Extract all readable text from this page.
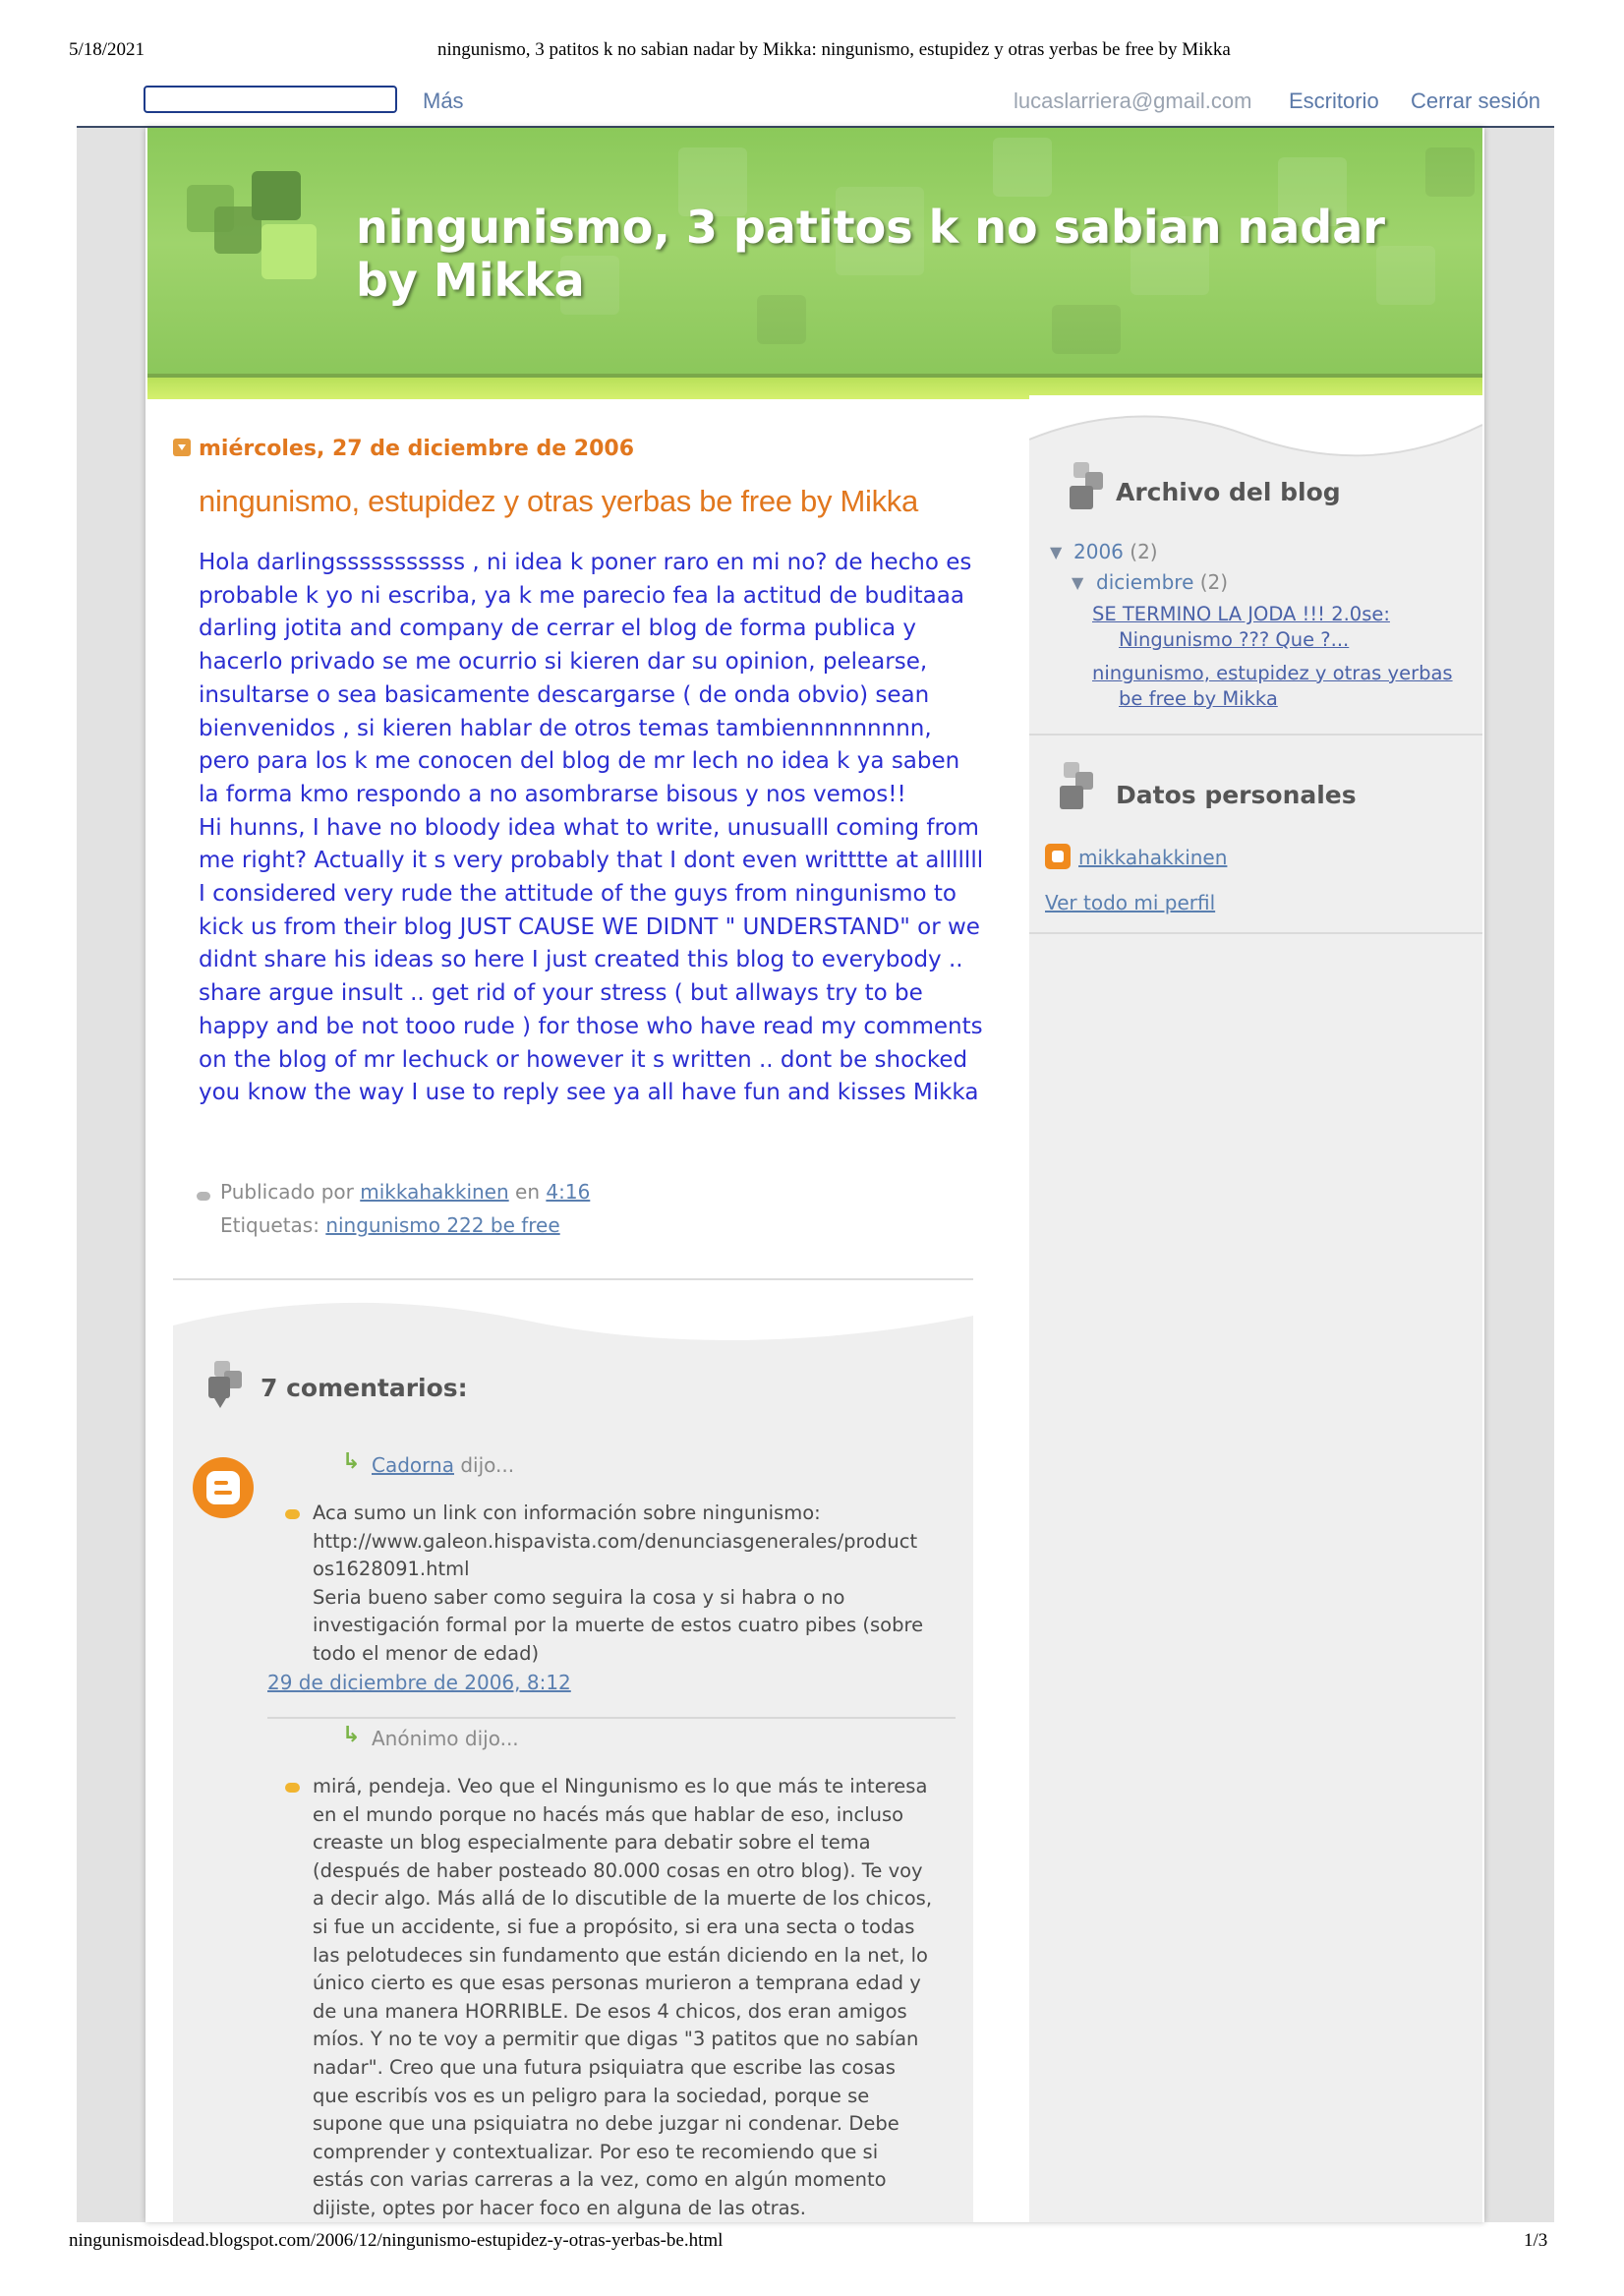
5/18/2021	ningunismo, 3 patitos k no sabian nadar by Mikka: ningunismo, estupidez y otras yerbas be free by Mikka
Más	lucaslarriera@gmail.com Escritorio Cerrar sesión
ningunismo, 3 patitos k no sabian nadar by Mikka
miércoles, 27 de diciembre de 2006
ningunismo, estupidez y otras yerbas be free by Mikka

Hola darlingsssssssssss , ni idea k poner raro en mi no? de hecho es probable k yo ni escriba, ya k me parecio fea la actitud de buditaaa darling jotita and company de cerrar el blog de forma publica y hacerlo privado se me ocurrio si kieren dar su opinion, pelearse, insultarse o sea basicamente descargarse ( de onda obvio) sean bienvenidos , si kieren hablar de otros temas tambiennnnnnnnn, pero para los k me conocen del blog de mr lech no idea k ya saben la forma kmo respondo a no asombrarse bisous y nos vemos!!

Hi hunns, I have no bloody idea what to write, unusualll coming from me right? Actually it s very probably that I dont even writttte at alllllll I considered very rude the attitude of the guys from ningunismo to kick us from their blog JUST CAUSE WE DIDNT " UNDERSTAND" or we didnt share his ideas so here I just created this blog to everybody .. share argue insult .. get rid of your stress ( but allways try to be happy and be not tooo rude ) for those who have read my comments on the blog of mr lechuck or however it s written .. dont be shocked you know the way I use to reply see ya all have fun and kisses Mikka

Publicado por mikkahakkinen en 4:16
Etiquetas: ningunismo 222 be free
7 comentarios:
↳ Cadorna dijo...

Aca sumo un link con información sobre ningunismo:

http://www.galeon.hispavista.com/denunciasgenerales/product

os1628091.html

Seria bueno saber como seguira la cosa y si habra o no

investigación formal por la muerte de estos cuatro pibes (sobre

todo el menor de edad)

29 de diciembre de 2006, 8:12
↳ Anónimo dijo...

mirá, pendeja. Veo que el Ningunismo es lo que más te interesa

en el mundo porque no hacés más que hablar de eso, incluso

creaste un blog especialmente para debatir sobre el tema

(después de haber posteado 80.000 cosas en otro blog). Te voy

a decir algo. Más allá de lo discutible de la muerte de los chicos,

si fue un accidente, si fue a propósito, si era una secta o todas

las pelotudeces sin fundamento que están diciendo en la net, lo

único cierto es que esas personas murieron a temprana edad y

de una manera HORRIBLE. De esos 4 chicos, dos eran amigos

míos. Y no te voy a permitir que digas "3 patitos que no sabían

nadar". Creo que una futura psiquiatra que escribe las cosas

que escribís vos es un peligro para la sociedad, porque se

supone que una psiquiatra no debe juzgar ni condenar. Debe

comprender y contextualizar. Por eso te recomiendo que si

estás con varias carreras a la vez, como en algún momento

dijiste, optes por hacer foco en alguna de las otras.

Archivo del blog
▼ 2006 (2)
▼ diciembre (2)
SE TERMINO LA JODA !!! 2.0se:
Ningunismo ??? Que ?...
ningunismo, estupidez y otras yerbas
be free by Mikka
Datos personales
mikkahakkinen
Ver todo mi perfil
ningunismoisdead.blogspot.com/2006/12/ningunismo-estupidez-y-otras-yerbas-be.html	1/3
